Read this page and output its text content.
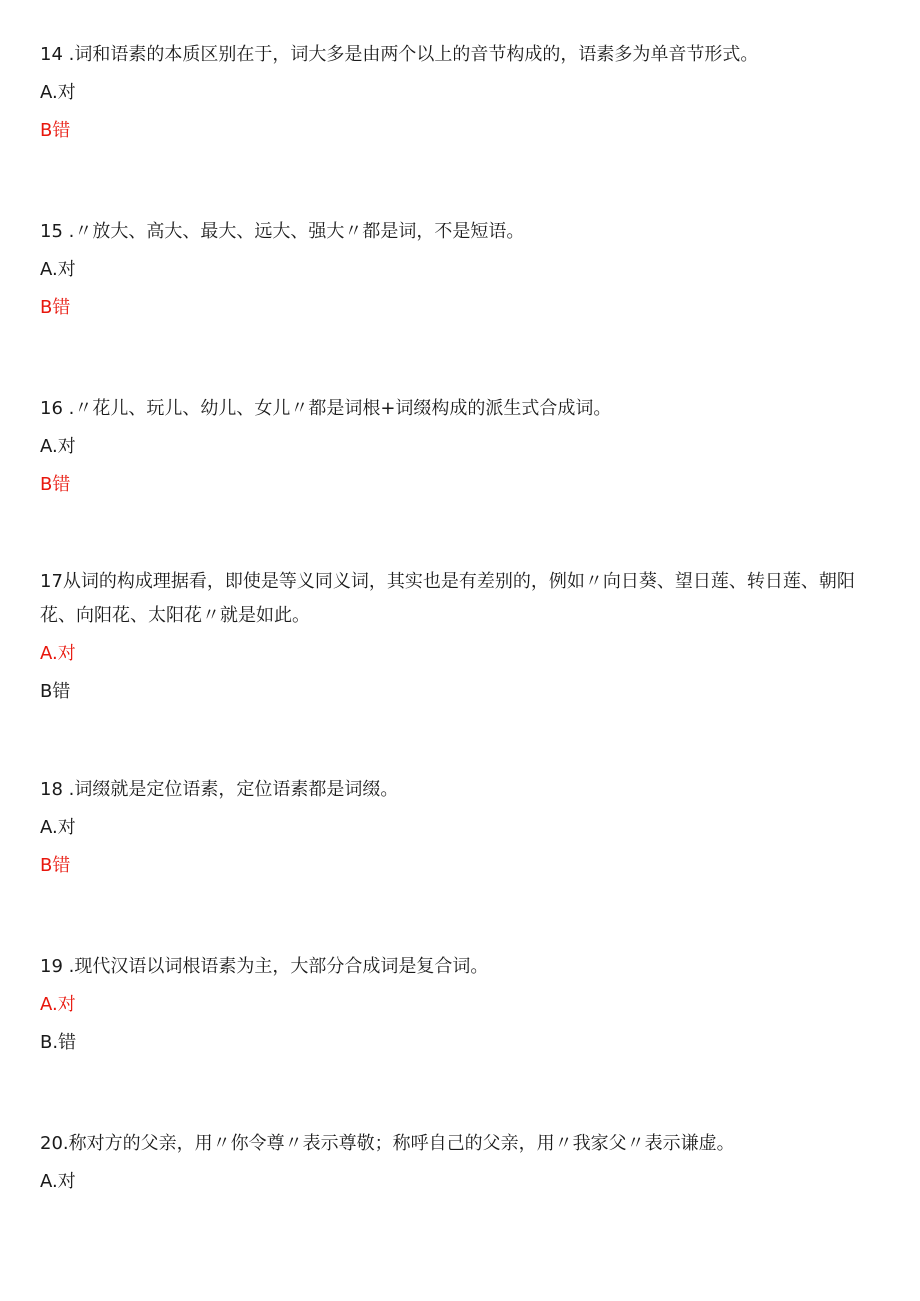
14 .词和语素的本质区别在于，词大多是由两个以上的音节构成的，语素多为单音节形式。

A.对

B错

15 .〃放大、高大、最大、远大、强大〃都是词，不是短语。

A.对

B错

16 .〃花儿、玩儿、幼儿、女儿〃都是词根+词缀构成的派生式合成词。

A.对

B错

17从词的构成理据看，即使是等义同义词，其实也是有差别的，例如〃向日葵、望日莲、转日莲、朝阳花、向阳花、太阳花〃就是如此。

A.对

B错

18 .词缀就是定位语素，定位语素都是词缀。

A.对

B错

19 .现代汉语以词根语素为主，大部分合成词是复合词。

A.对

B.错

20.称对方的父亲，用〃你令尊〃表示尊敬；称呼自己的父亲，用〃我家父〃表示谦虚。

A.对
